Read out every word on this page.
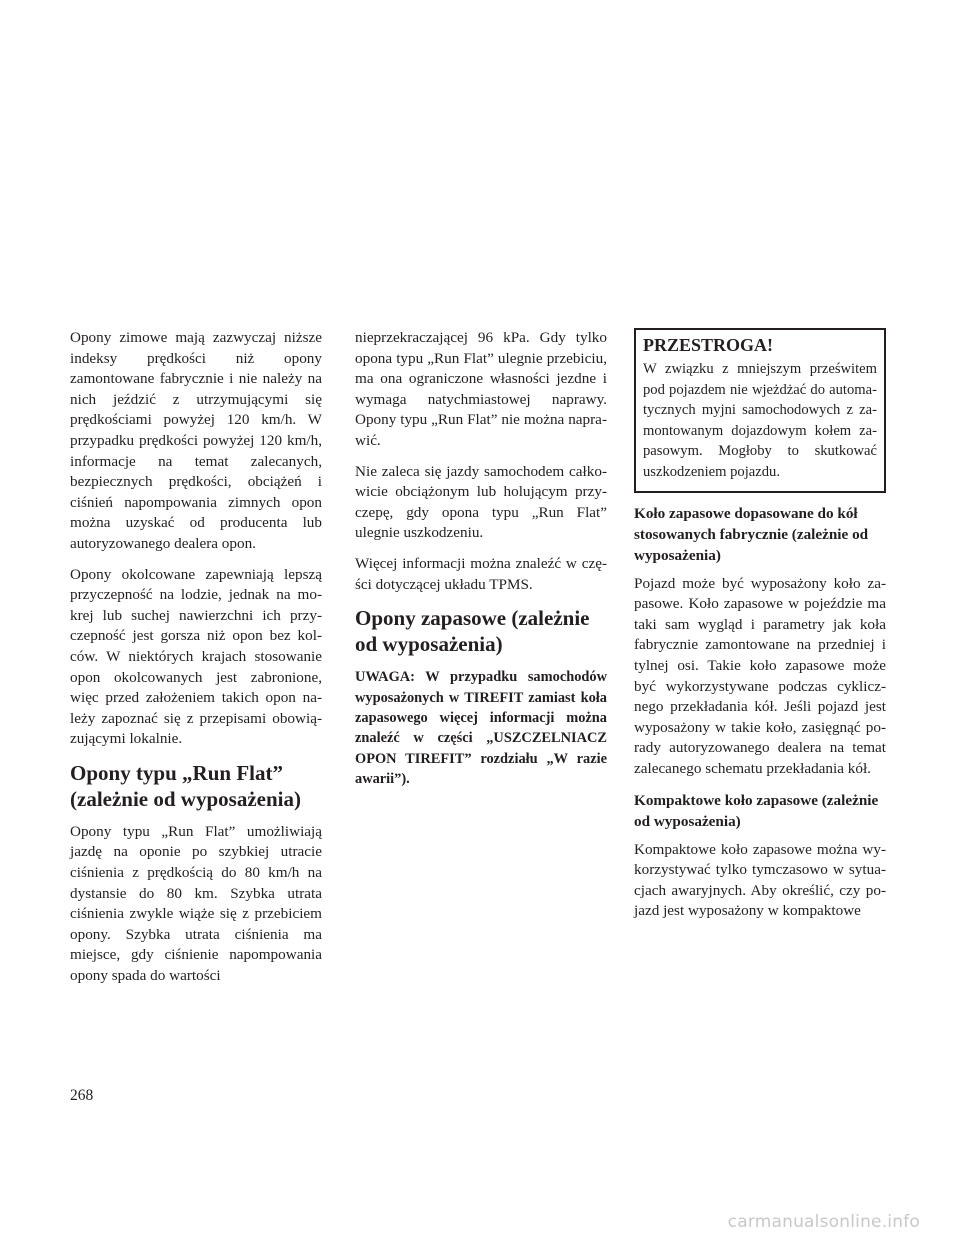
Opony zimowe mają zazwyczaj niższe indeksy prędkości niż opony zamontowane fabrycznie i nie należy na nich jeździć z utrzymującymi się prędkościami powyżej 120 km/h. W przypadku prędkości powyżej 120 km/h, informacje na temat zalecanych, bezpiecznych prędkości, obciążeń i ciśnień napompowania zimnych opon można uzyskać od producenta lub autoryzowanego dealera opon.

Opony okolcowane zapewniają lepszą przyczepność na lodzie, jednak na mokrej lub suchej nawierzchni ich przyczepność jest gorsza niż opon bez kolców. W niektórych krajach stosowanie opon okolcowanych jest zabronione, więc przed założeniem takich opon należy zapoznać się z przepisami obowiązującymi lokalnie.

Opony typu „Run Flat” (zależnie od wyposażenia)

Opony typu „Run Flat” umożliwiają jazdę na oponie po szybkiej utracie ciśnienia z prędkością do 80 km/h na dystansie do 80 km. Szybka utrata ciśnienia zwykle wiąże się z przebiciem opony. Szybka utrata ciśnienia ma miejsce, gdy ciśnienie napompowania opony spada do wartości

nieprzekraczającej 96 kPa. Gdy tylko opona typu „Run Flat” ulegnie przebiciu, ma ona ograniczone własności jezdne i wymaga natychmiastowej naprawy. Opony typu „Run Flat” nie można naprawić.

Nie zaleca się jazdy samochodem całkowicie obciążonym lub holującym przyczepę, gdy opona typu „Run Flat” ulegnie uszkodzeniu.

Więcej informacji można znaleźć w części dotyczącej układu TPMS.

Opony zapasowe (zależnie od wyposażenia)

UWAGA: W przypadku samochodów wyposażonych w TIREFIT zamiast koła zapasowego więcej informacji można znaleźć w części „USZCZELNIACZ OPON TIREFIT” rozdziału „W razie awarii”).

PRZESTROGA!

W związku z mniejszym prześwitem pod pojazdem nie wjeżdżać do automatycznych myjni samochodowych z zamontowanym dojazdowym kołem zapasowym. Mogłoby to skutkować uszkodzeniem pojazdu.

Koło zapasowe dopasowane do kół stosowanych fabrycznie (zależnie od wyposażenia)

Pojazd może być wyposażony koło zapasowe. Koło zapasowe w pojeździe ma taki sam wygląd i parametry jak koła fabrycznie zamontowane na przedniej i tylnej osi. Takie koło zapasowe może być wykorzystywane podczas cyklicznego przekładania kół. Jeśli pojazd jest wyposażony w takie koło, zasięgnąć porady autoryzowanego dealera na temat zalecanego schematu przekładania kół.

Kompaktowe koło zapasowe (zależnie od wyposażenia)

Kompaktowe koło zapasowe można wykorzystywać tylko tymczasowo w sytuacjach awaryjnych. Aby określić, czy pojazd jest wyposażony w kompaktowe

268
carmanualsonline.info
